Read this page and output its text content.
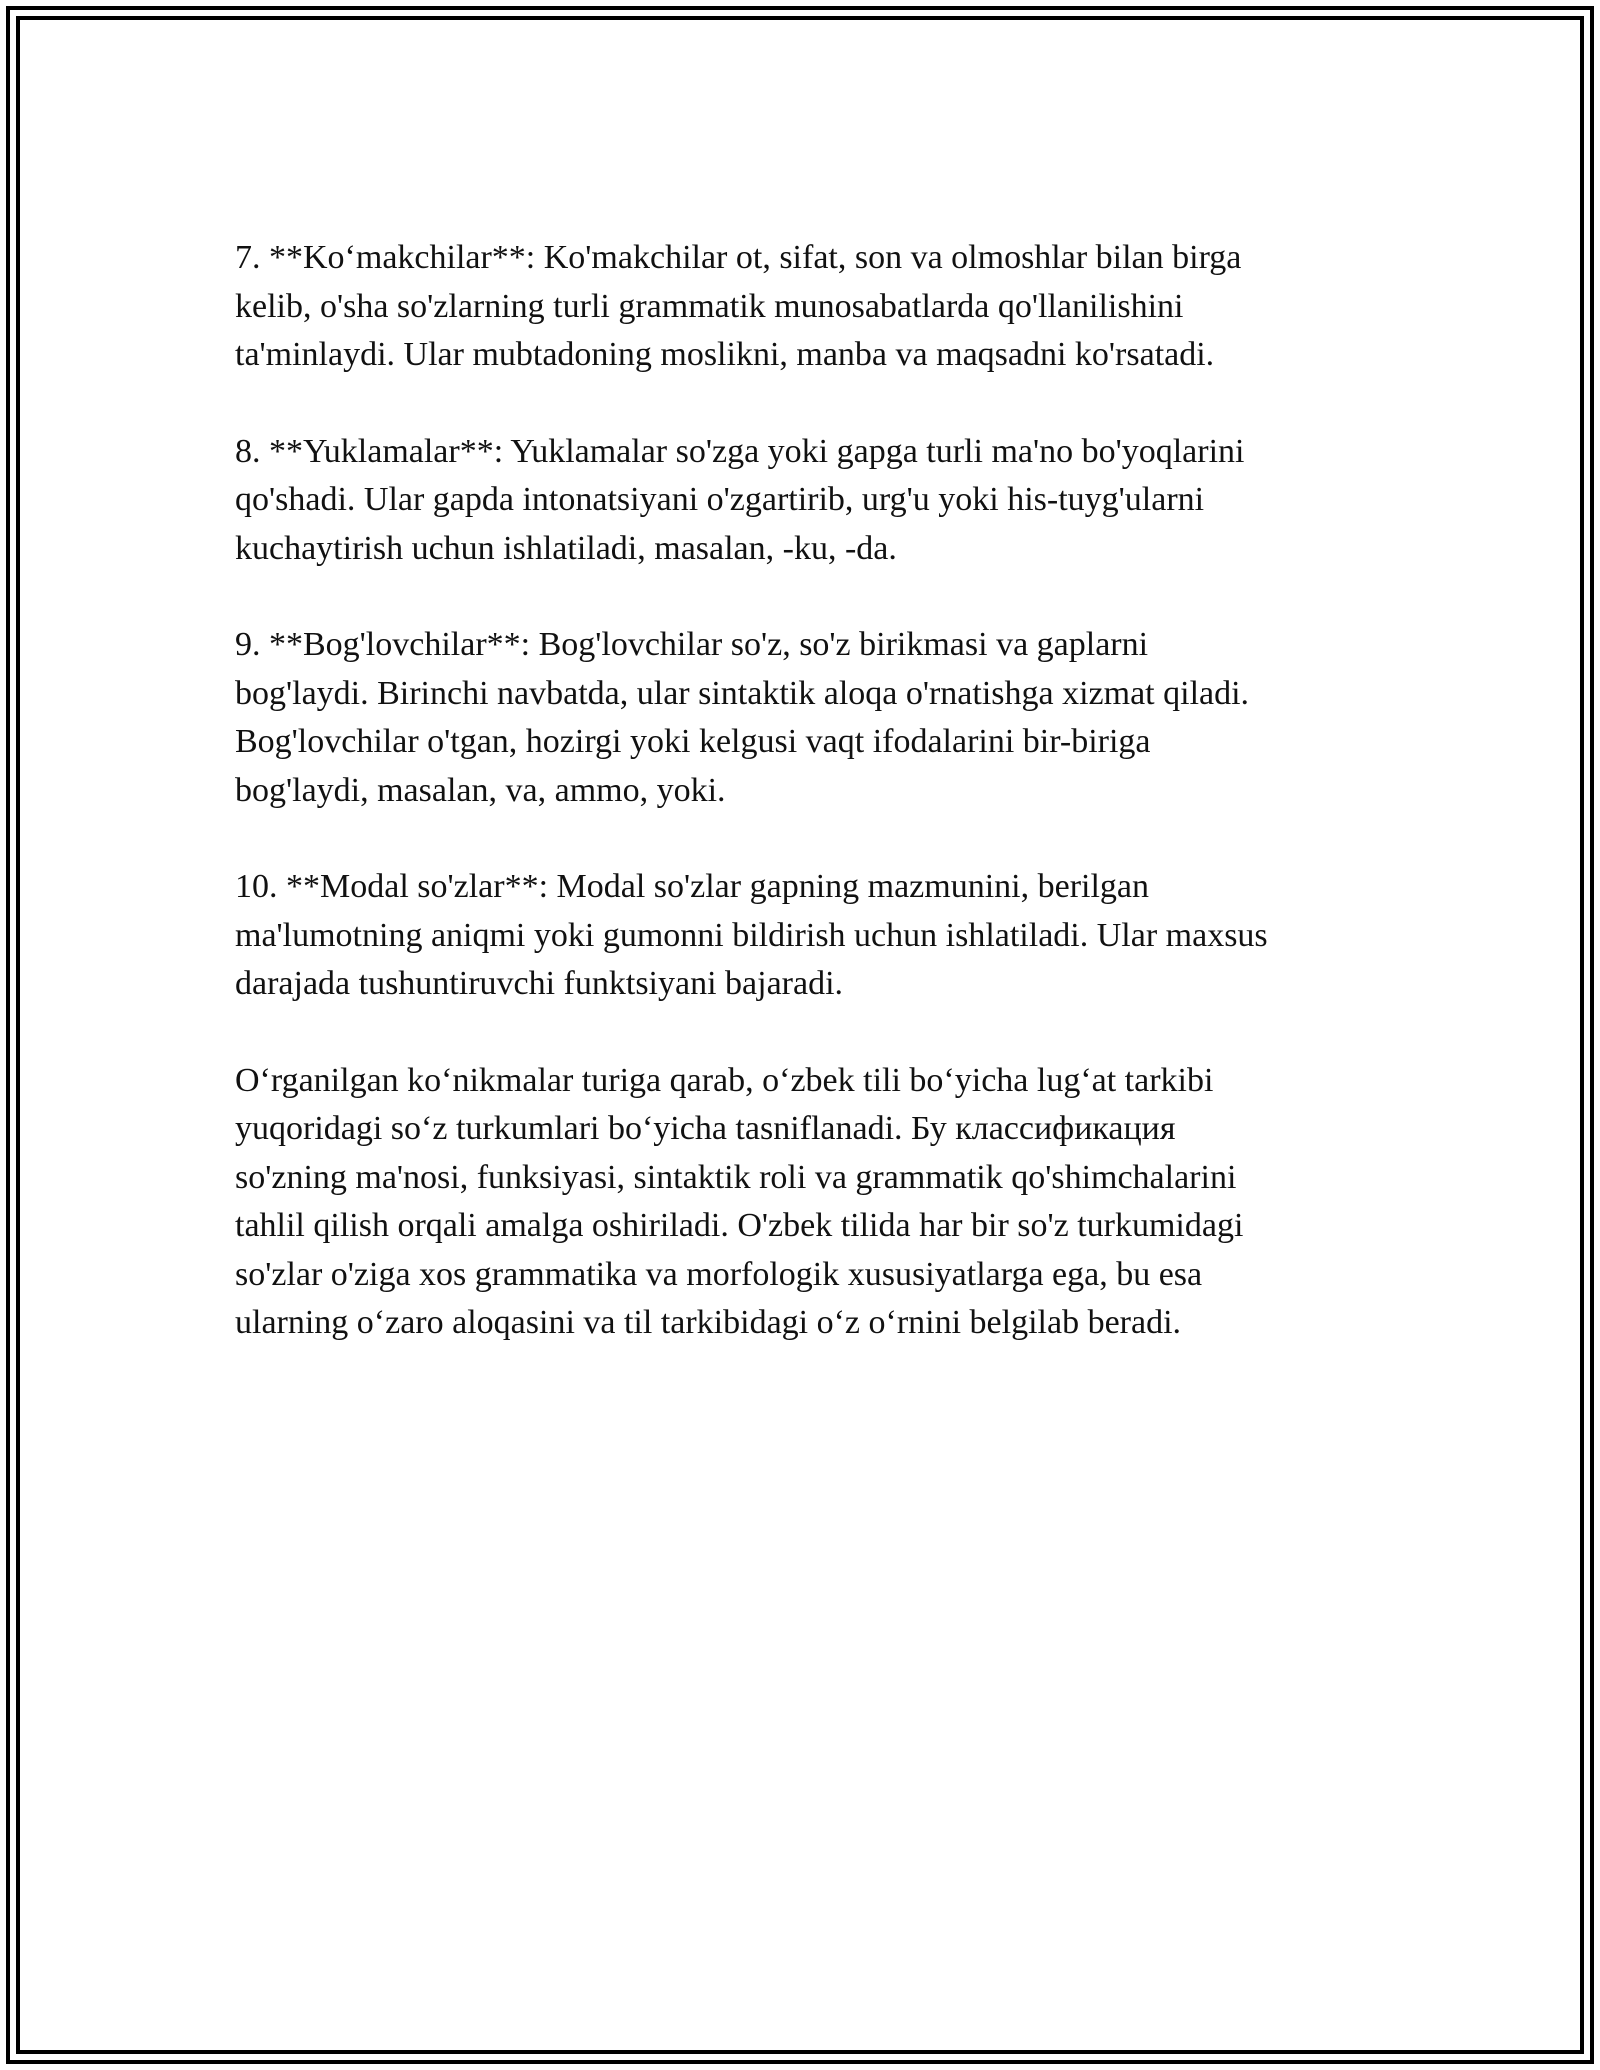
7. **Ko‘makchilar**: Ko'makchilar ot, sifat, son va olmoshlar bilan birga
kelib, o'sha so'zlarning turli grammatik munosabatlarda qo'llanilishini
ta'minlaydi. Ular mubtadoning moslikni, manba va maqsadni ko'rsatadi.

8. **Yuklamalar**: Yuklamalar so'zga yoki gapga turli ma'no bo'yoqlarini
qo'shadi. Ular gapda intonatsiyani o'zgartirib, urg'u yoki his-tuyg'ularni
kuchaytirish uchun ishlatiladi, masalan, -ku, -da.

9. **Bog'lovchilar**: Bog'lovchilar so'z, so'z birikmasi va gaplarni
bog'laydi. Birinchi navbatda, ular sintaktik aloqa o'rnatishga xizmat qiladi.
Bog'lovchilar o'tgan, hozirgi yoki kelgusi vaqt ifodalarini bir-biriga
bog'laydi, masalan, va, ammo, yoki.

10. **Modal so'zlar**: Modal so'zlar gapning mazmunini, berilgan
ma'lumotning aniqmi yoki gumonni bildirish uchun ishlatiladi. Ular maxsus
darajada tushuntiruvchi funktsiyani bajaradi.

O‘rganilgan ko‘nikmalar turiga qarab, o‘zbek tili bo‘yicha lug‘at tarkibi
yuqoridagi so‘z turkumlari bo‘yicha tasniflanadi. Бу классификация
so'zning ma'nosi, funksiyasi, sintaktik roli va grammatik qo'shimchalarini
tahlil qilish orqali amalga oshiriladi. O'zbek tilida har bir so'z turkumidagi
so'zlar o'ziga xos grammatika va morfologik xususiyatlarga ega, bu esa
ularning o‘zaro aloqasini va til tarkibidagi o‘z o‘rnini belgilab beradi.
